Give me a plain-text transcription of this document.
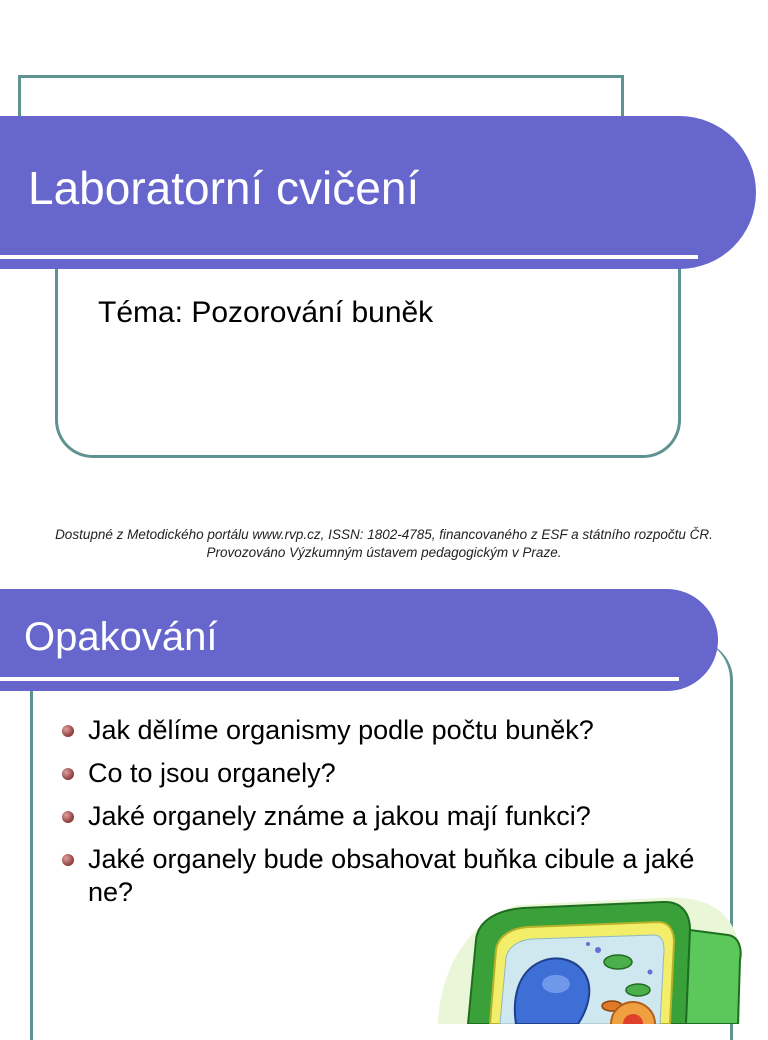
Laboratorní cvičení
Téma: Pozorování buněk
Dostupné z Metodického portálu www.rvp.cz, ISSN: 1802-4785, financovaného z ESF a státního rozpočtu ČR.
Provozováno Výzkumným ústavem pedagogickým v Praze.
Opakování
Jak dělíme organismy podle počtu buněk?
Co to jsou organely?
Jaké organely známe a jakou mají funkci?
Jaké organely bude obsahovat buňka cibule a jaké ne?
